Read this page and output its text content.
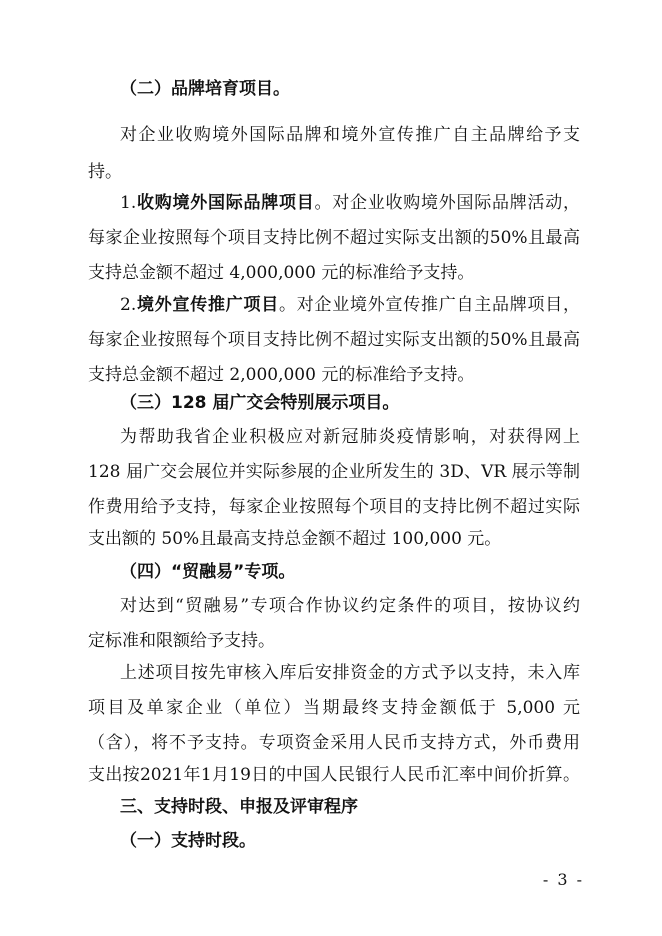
（二）品牌培育项目。
对企业收购境外国际品牌和境外宣传推广自主品牌给予支
持。
1.收购境外国际品牌项目。对企业收购境外国际品牌活动，
每家企业按照每个项目支持比例不超过实际支出额的50%且最高
支持总金额不超过 4,000,000 元的标准给予支持。
2.境外宣传推广项目。对企业境外宣传推广自主品牌项目，
每家企业按照每个项目支持比例不超过实际支出额的50%且最高
支持总金额不超过 2,000,000 元的标准给予支持。
（三）128 届广交会特别展示项目。
为帮助我省企业积极应对新冠肺炎疫情影响，对获得网上
128 届广交会展位并实际参展的企业所发生的 3D、VR 展示等制
作费用给予支持，每家企业按照每个项目的支持比例不超过实际
支出额的 50%且最高支持总金额不超过 100,000 元。
（四）“贸融易”专项。
对达到“贸融易”专项合作协议约定条件的项目，按协议约
定标准和限额给予支持。
上述项目按先审核入库后安排资金的方式予以支持，未入库
项目及单家企业（单位）当期最终支持金额低于 5,000 元
（含），将不予支持。专项资金采用人民币支持方式，外币费用
支出按2021年1月19日的中国人民银行人民币汇率中间价折算。
三、支持时段、申报及评审程序
（一）支持时段。
- 3 -
